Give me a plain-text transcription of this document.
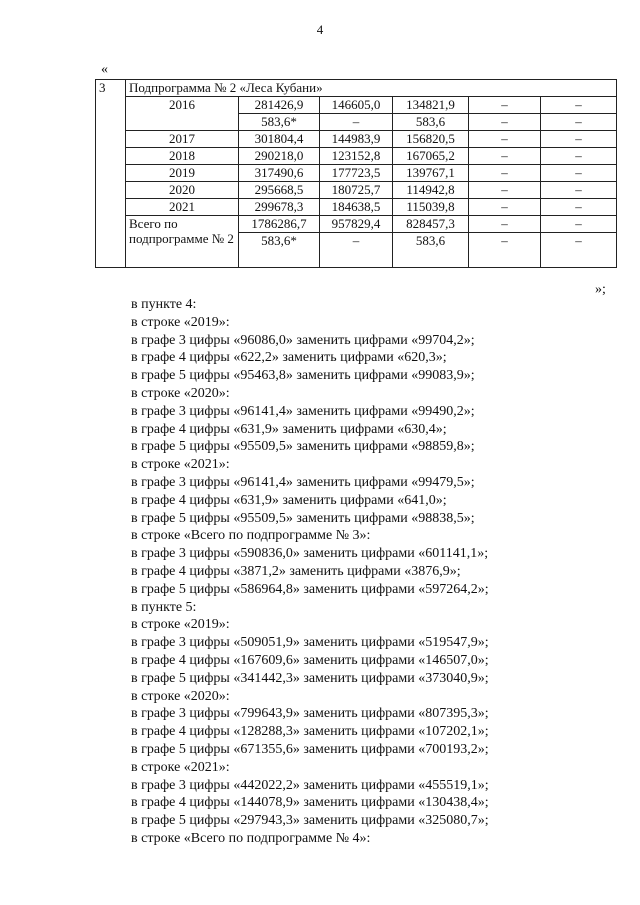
4
«
3	Подпрограмма № 2 «Леса Кубани»					
	2016	281426,9	146605,0	134821,9	–	–
		583,6*	–	583,6	–	–
	2017	301804,4	144983,9	156820,5	–	–
	2018	290218,0	123152,8	167065,2	–	–
	2019	317490,6	177723,5	139767,1	–	–
	2020	295668,5	180725,7	114942,8	–	–
	2021	299678,3	184638,5	115039,8	–	–
	Всего по подпрограмме № 2	1786286,7	957829,4	828457,3	–	–
		583,6*	–	583,6	–	–
»;
в пункте 4:
в строке «2019»:
в графе 3 цифры «96086,0» заменить цифрами «99704,2»;
в графе 4 цифры «622,2» заменить цифрами «620,3»;
в графе 5 цифры «95463,8» заменить цифрами «99083,9»;
в строке «2020»:
в графе 3 цифры «96141,4» заменить цифрами «99490,2»;
в графе 4 цифры «631,9» заменить цифрами «630,4»;
в графе 5 цифры «95509,5» заменить цифрами «98859,8»;
в строке «2021»:
в графе 3 цифры «96141,4» заменить цифрами «99479,5»;
в графе 4 цифры «631,9» заменить цифрами «641,0»;
в графе 5 цифры «95509,5» заменить цифрами «98838,5»;
в строке «Всего по подпрограмме № 3»:
в графе 3 цифры «590836,0» заменить цифрами «601141,1»;
в графе 4 цифры «3871,2» заменить цифрами «3876,9»;
в графе 5 цифры «586964,8» заменить цифрами «597264,2»;
в пункте 5:
в строке «2019»:
в графе 3 цифры «509051,9» заменить цифрами «519547,9»;
в графе 4 цифры «167609,6» заменить цифрами «146507,0»;
в графе 5 цифры «341442,3» заменить цифрами «373040,9»;
в строке «2020»:
в графе 3 цифры «799643,9» заменить цифрами «807395,3»;
в графе 4 цифры «128288,3» заменить цифрами «107202,1»;
в графе 5 цифры «671355,6» заменить цифрами «700193,2»;
в строке «2021»:
в графе 3 цифры «442022,2» заменить цифрами «455519,1»;
в графе 4 цифры «144078,9» заменить цифрами «130438,4»;
в графе 5 цифры «297943,3» заменить цифрами «325080,7»;
в строке «Всего по подпрограмме № 4»:
